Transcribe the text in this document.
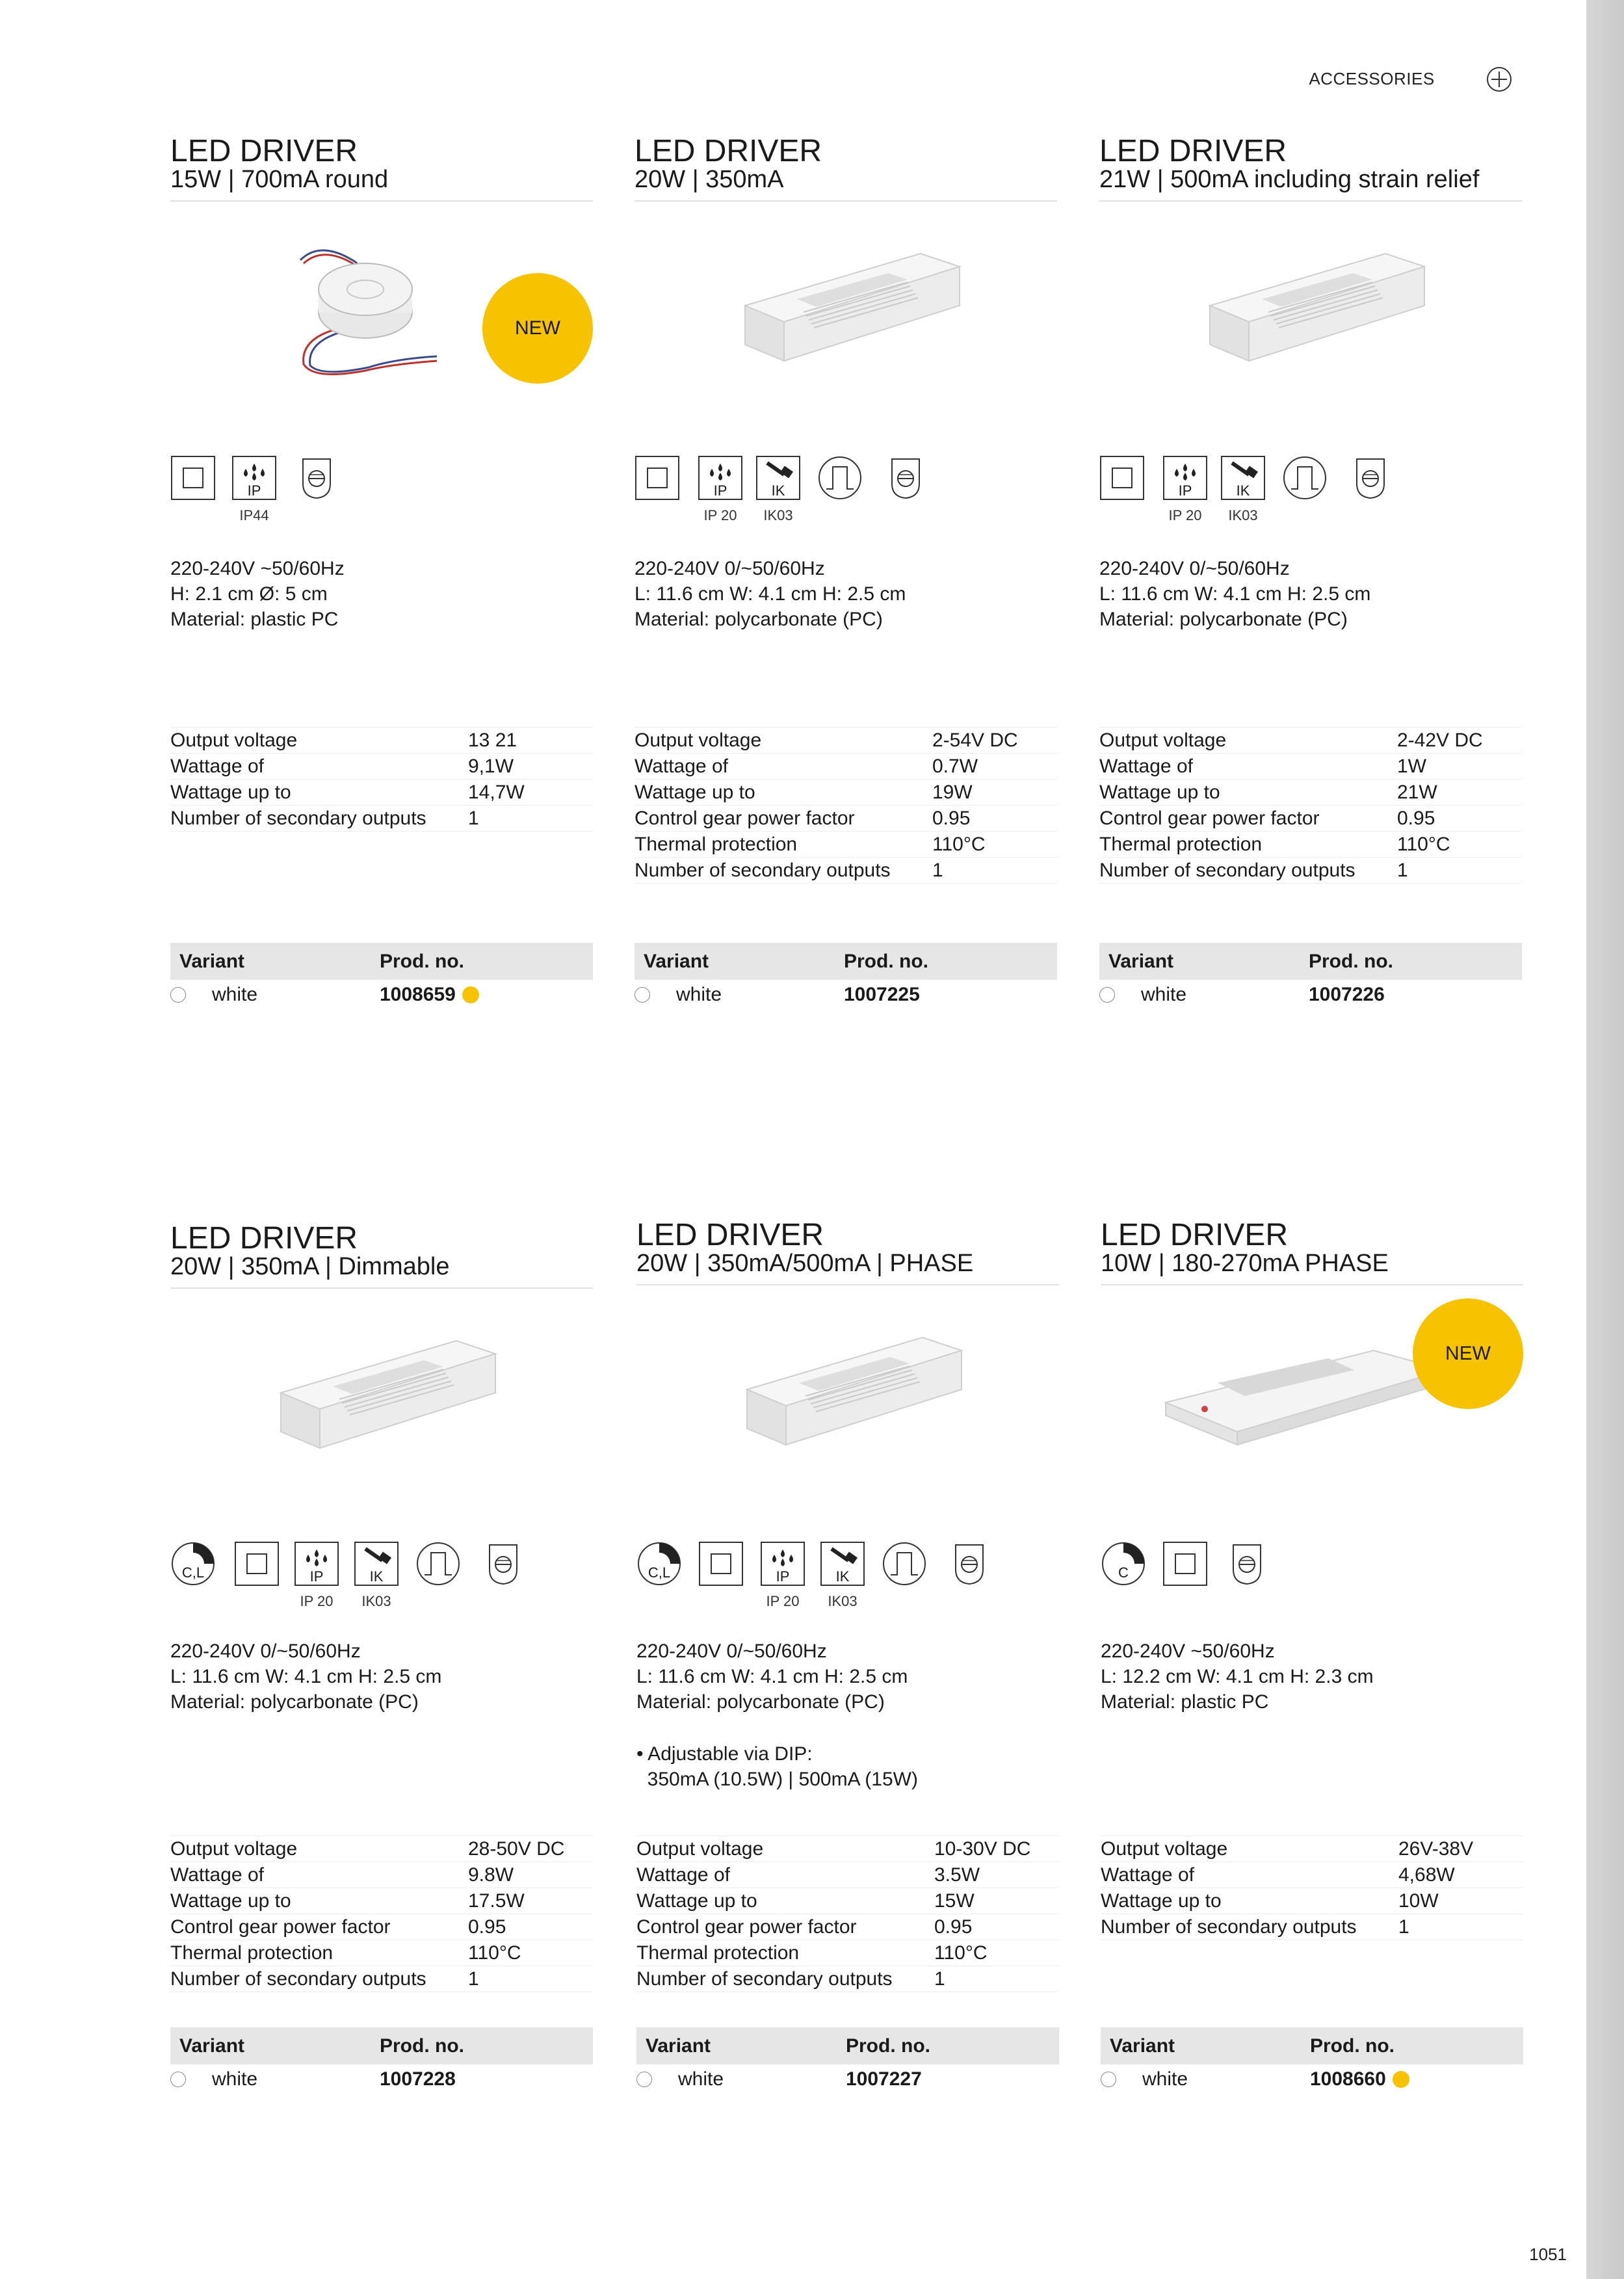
ACCESSORIES
LED DRIVER
15W | 700mA round
NEW
IP
IP44
220-240V ~50/60Hz
H: 2.1 cm Ø: 5 cm
Material: plastic PC
Output voltage	13 21
Wattage of	9,1W
Wattage up to	14,7W
Number of secondary outputs	1
Variant	Prod. no.
white	1008659
LED DRIVER
20W | 350mA
IP
IP 20
IK
IK03
220-240V 0/~50/60Hz
L: 11.6 cm W: 4.1 cm H: 2.5 cm
Material: polycarbonate (PC)
Output voltage	2-54V DC
Wattage of	0.7W
Wattage up to	19W
Control gear power factor	0.95
Thermal protection	110°C
Number of secondary outputs	1
Variant	Prod. no.
white	1007225
LED DRIVER
21W | 500mA including strain relief
IP
IP 20
IK
IK03
220-240V 0/~50/60Hz
L: 11.6 cm W: 4.1 cm H: 2.5 cm
Material: polycarbonate (PC)
Output voltage	2-42V DC
Wattage of	1W
Wattage up to	21W
Control gear power factor	0.95
Thermal protection	110°C
Number of secondary outputs	1
Variant	Prod. no.
white	1007226
LED DRIVER
20W | 350mA | Dimmable
C,L	IP
IP 20
IK
IK03
220-240V 0/~50/60Hz
L: 11.6 cm W: 4.1 cm H: 2.5 cm
Material: polycarbonate (PC)
Output voltage	28-50V DC
Wattage of	9.8W
Wattage up to	17.5W
Control gear power factor	0.95
Thermal protection	110°C
Number of secondary outputs	1
Variant	Prod. no.
white	1007228
LED DRIVER
20W | 350mA/500mA | PHASE
C,L	IP
IP 20
IK
IK03
220-240V 0/~50/60Hz
L: 11.6 cm W: 4.1 cm H: 2.5 cm
Material: polycarbonate (PC)
• Adjustable via DIP:
350mA (10.5W) | 500mA (15W)
Output voltage	10-30V DC
Wattage of	3.5W
Wattage up to	15W
Control gear power factor	0.95
Thermal protection	110°C
Number of secondary outputs	1
Variant	Prod. no.
white	1007227
LED DRIVER
10W | 180-270mA PHASE
NEW
C
220-240V ~50/60Hz
L: 12.2 cm W: 4.1 cm H: 2.3 cm
Material: plastic PC
Output voltage	26V-38V
Wattage of	4,68W
Wattage up to	10W
Number of secondary outputs	1
Variant	Prod. no.
white	1008660
1051
